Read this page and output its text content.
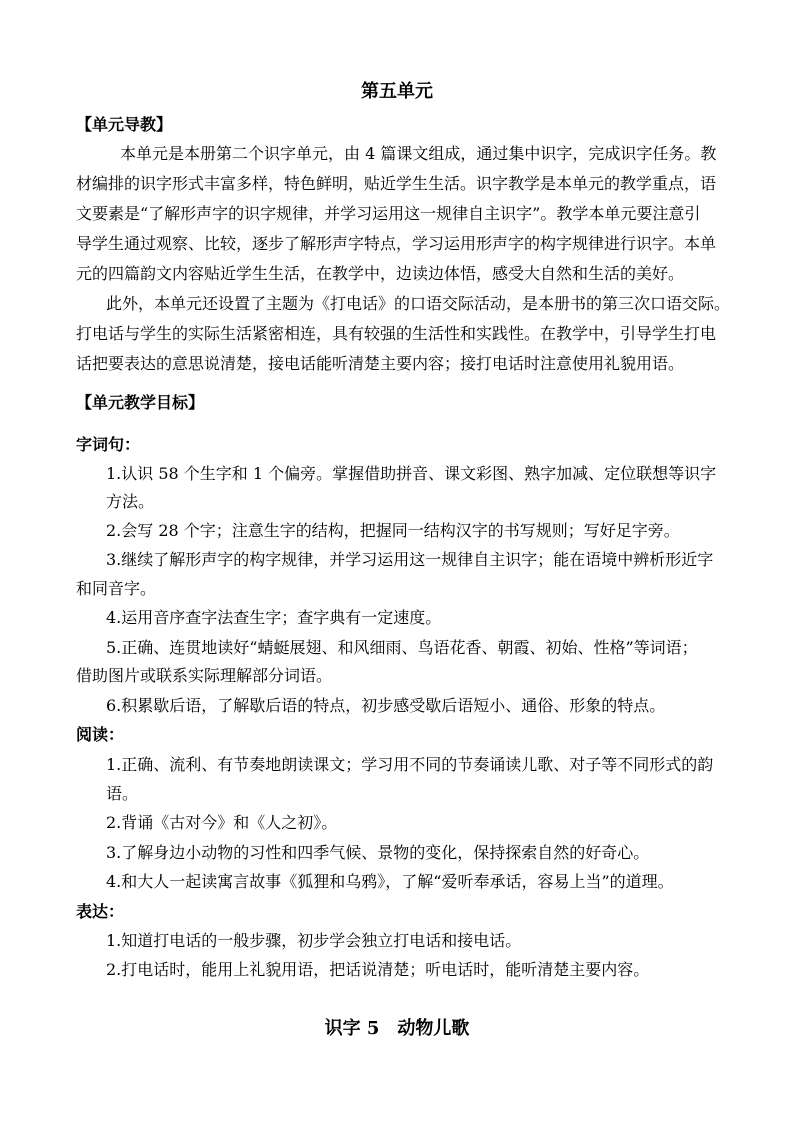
第五单元
【单元导教】
本单元是本册第二个识字单元，由 4 篇课文组成，通过集中识字，完成识字任务。教
材编排的识字形式丰富多样，特色鲜明，贴近学生生活。识字教学是本单元的教学重点，语
文要素是“了解形声字的识字规律，并学习运用这一规律自主识字”。教学本单元要注意引
导学生通过观察、比较，逐步了解形声字特点，学习运用形声字的构字规律进行识字。本单
元的四篇韵文内容贴近学生生活，在教学中，边读边体悟，感受大自然和生活的美好。
此外，本单元还设置了主题为《打电话》的口语交际活动，是本册书的第三次口语交际。
打电话与学生的实际生活紧密相连，具有较强的生活性和实践性。在教学中，引导学生打电
话把要表达的意思说清楚，接电话能听清楚主要内容；接打电话时注意使用礼貌用语。
【单元教学目标】
字词句：
1.认识 58 个生字和 1 个偏旁。掌握借助拼音、课文彩图、熟字加减、定位联想等识字
方法。
2.会写 28 个字；注意生字的结构，把握同一结构汉字的书写规则；写好足字旁。
3.继续了解形声字的构字规律，并学习运用这一规律自主识字；能在语境中辨析形近字
和同音字。
4.运用音序查字法查生字；查字典有一定速度。
5.正确、连贯地读好“蜻蜓展翅、和风细雨、鸟语花香、朝霞、初始、性格”等词语；
借助图片或联系实际理解部分词语。
6.积累歇后语，了解歇后语的特点，初步感受歇后语短小、通俗、形象的特点。
阅读：
1.正确、流利、有节奏地朗读课文；学习用不同的节奏诵读儿歌、对子等不同形式的韵
语。
2.背诵《古对今》和《人之初》。
3.了解身边小动物的习性和四季气候、景物的变化，保持探索自然的好奇心。
4.和大人一起读寓言故事《狐狸和乌鸦》，了解“爱听奉承话，容易上当”的道理。
表达：
1.知道打电话的一般步骤，初步学会独立打电话和接电话。
2.打电话时，能用上礼貌用语，把话说清楚；听电话时，能听清楚主要内容。
识字 5　动物儿歌
